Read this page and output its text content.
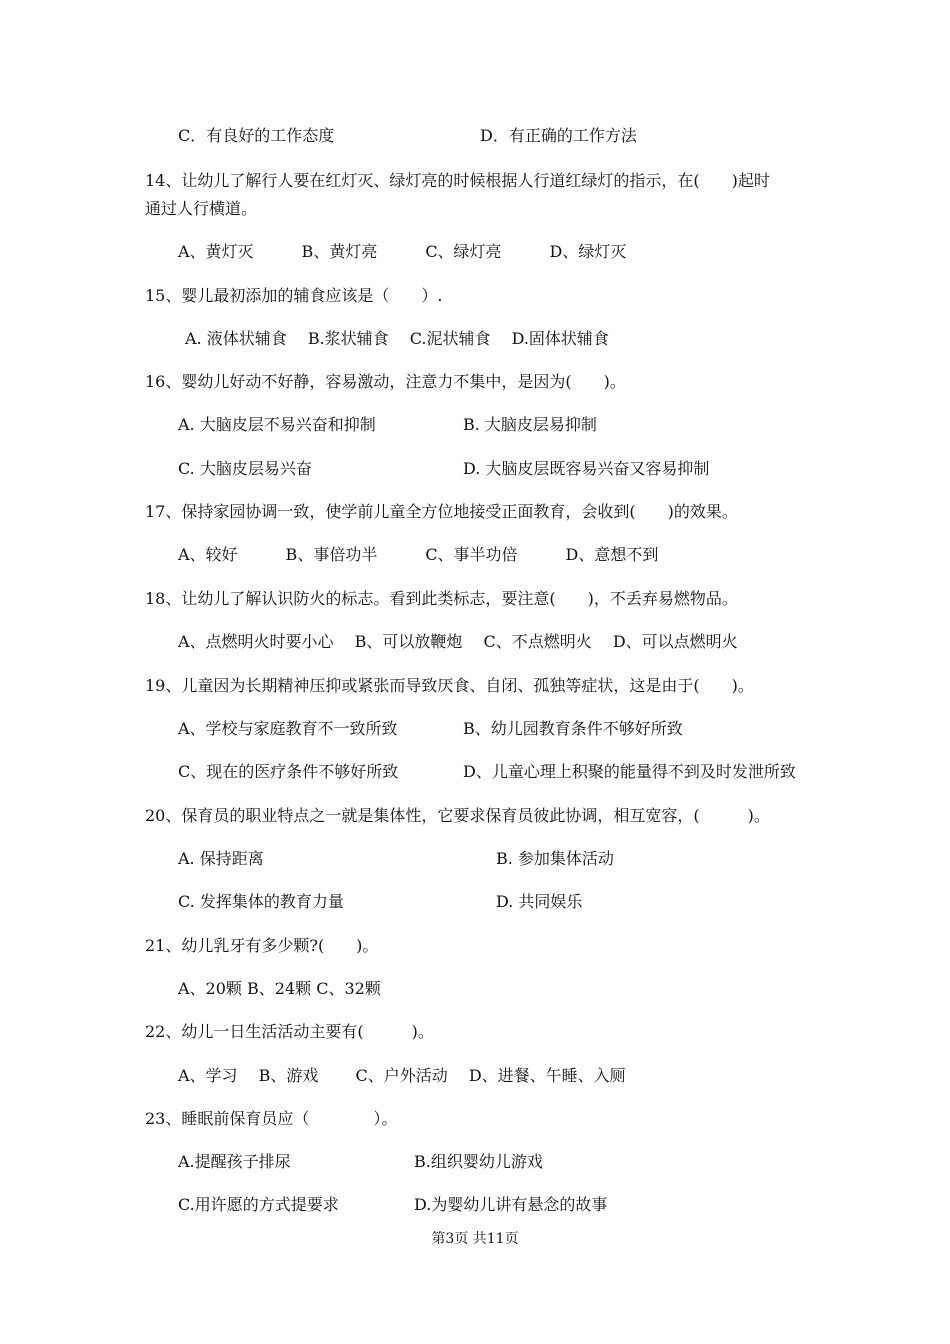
C．有良好的工作态度	D．有正确的工作方法
14、让幼儿了解行人要在红灯灭、绿灯亮的时候根据人行道红绿灯的指示，在(　　)起时
通过人行横道。
A、黄灯灭　　　B、黄灯亮　　　C、绿灯亮　　　D、绿灯灭
15、婴儿最初添加的辅食应该是（　　）.
A. 液体状辅食　 B.浆状辅食　 C.泥状辅食　 D.固体状辅食
16、婴幼儿好动不好静，容易激动，注意力不集中，是因为(　　)。
A. 大脑皮层不易兴奋和抑制	B. 大脑皮层易抑制
C. 大脑皮层易兴奋	D. 大脑皮层既容易兴奋又容易抑制
17、保持家园协调一致，使学前儿童全方位地接受正面教育，会收到(　　)的效果。
A、较好　　　B、事倍功半　　　C、事半功倍　　　D、意想不到
18、让幼儿了解认识防火的标志。看到此类标志，要注意(　　)，不丢弃易燃物品。
A、点燃明火时要小心　 B、可以放鞭炮　 C、不点燃明火　 D、可以点燃明火
19、儿童因为长期精神压抑或紧张而导致厌食、自闭、孤独等症状，这是由于(　　)。
A、学校与家庭教育不一致所致	B、幼儿园教育条件不够好所致
C、现在的医疗条件不够好所致	D、儿童心理上积聚的能量得不到及时发泄所致
20、保育员的职业特点之一就是集体性，它要求保育员彼此协调，相互宽容，(　　　)。
A. 保持距离	B. 参加集体活动
C. 发挥集体的教育力量	D. 共同娱乐
21、幼儿乳牙有多少颗?(　　)。
A、20颗 B、24颗 C、32颗
22、幼儿一日生活活动主要有(　　　)。
A、学习　 B、游戏　　 C、户外活动　 D、进餐、午睡、入厕
23、睡眠前保育员应（　　　　）。
A.提醒孩子排尿	B.组织婴幼儿游戏
C.用许愿的方式提要求	D.为婴幼儿讲有悬念的故事
第3页 共11页
